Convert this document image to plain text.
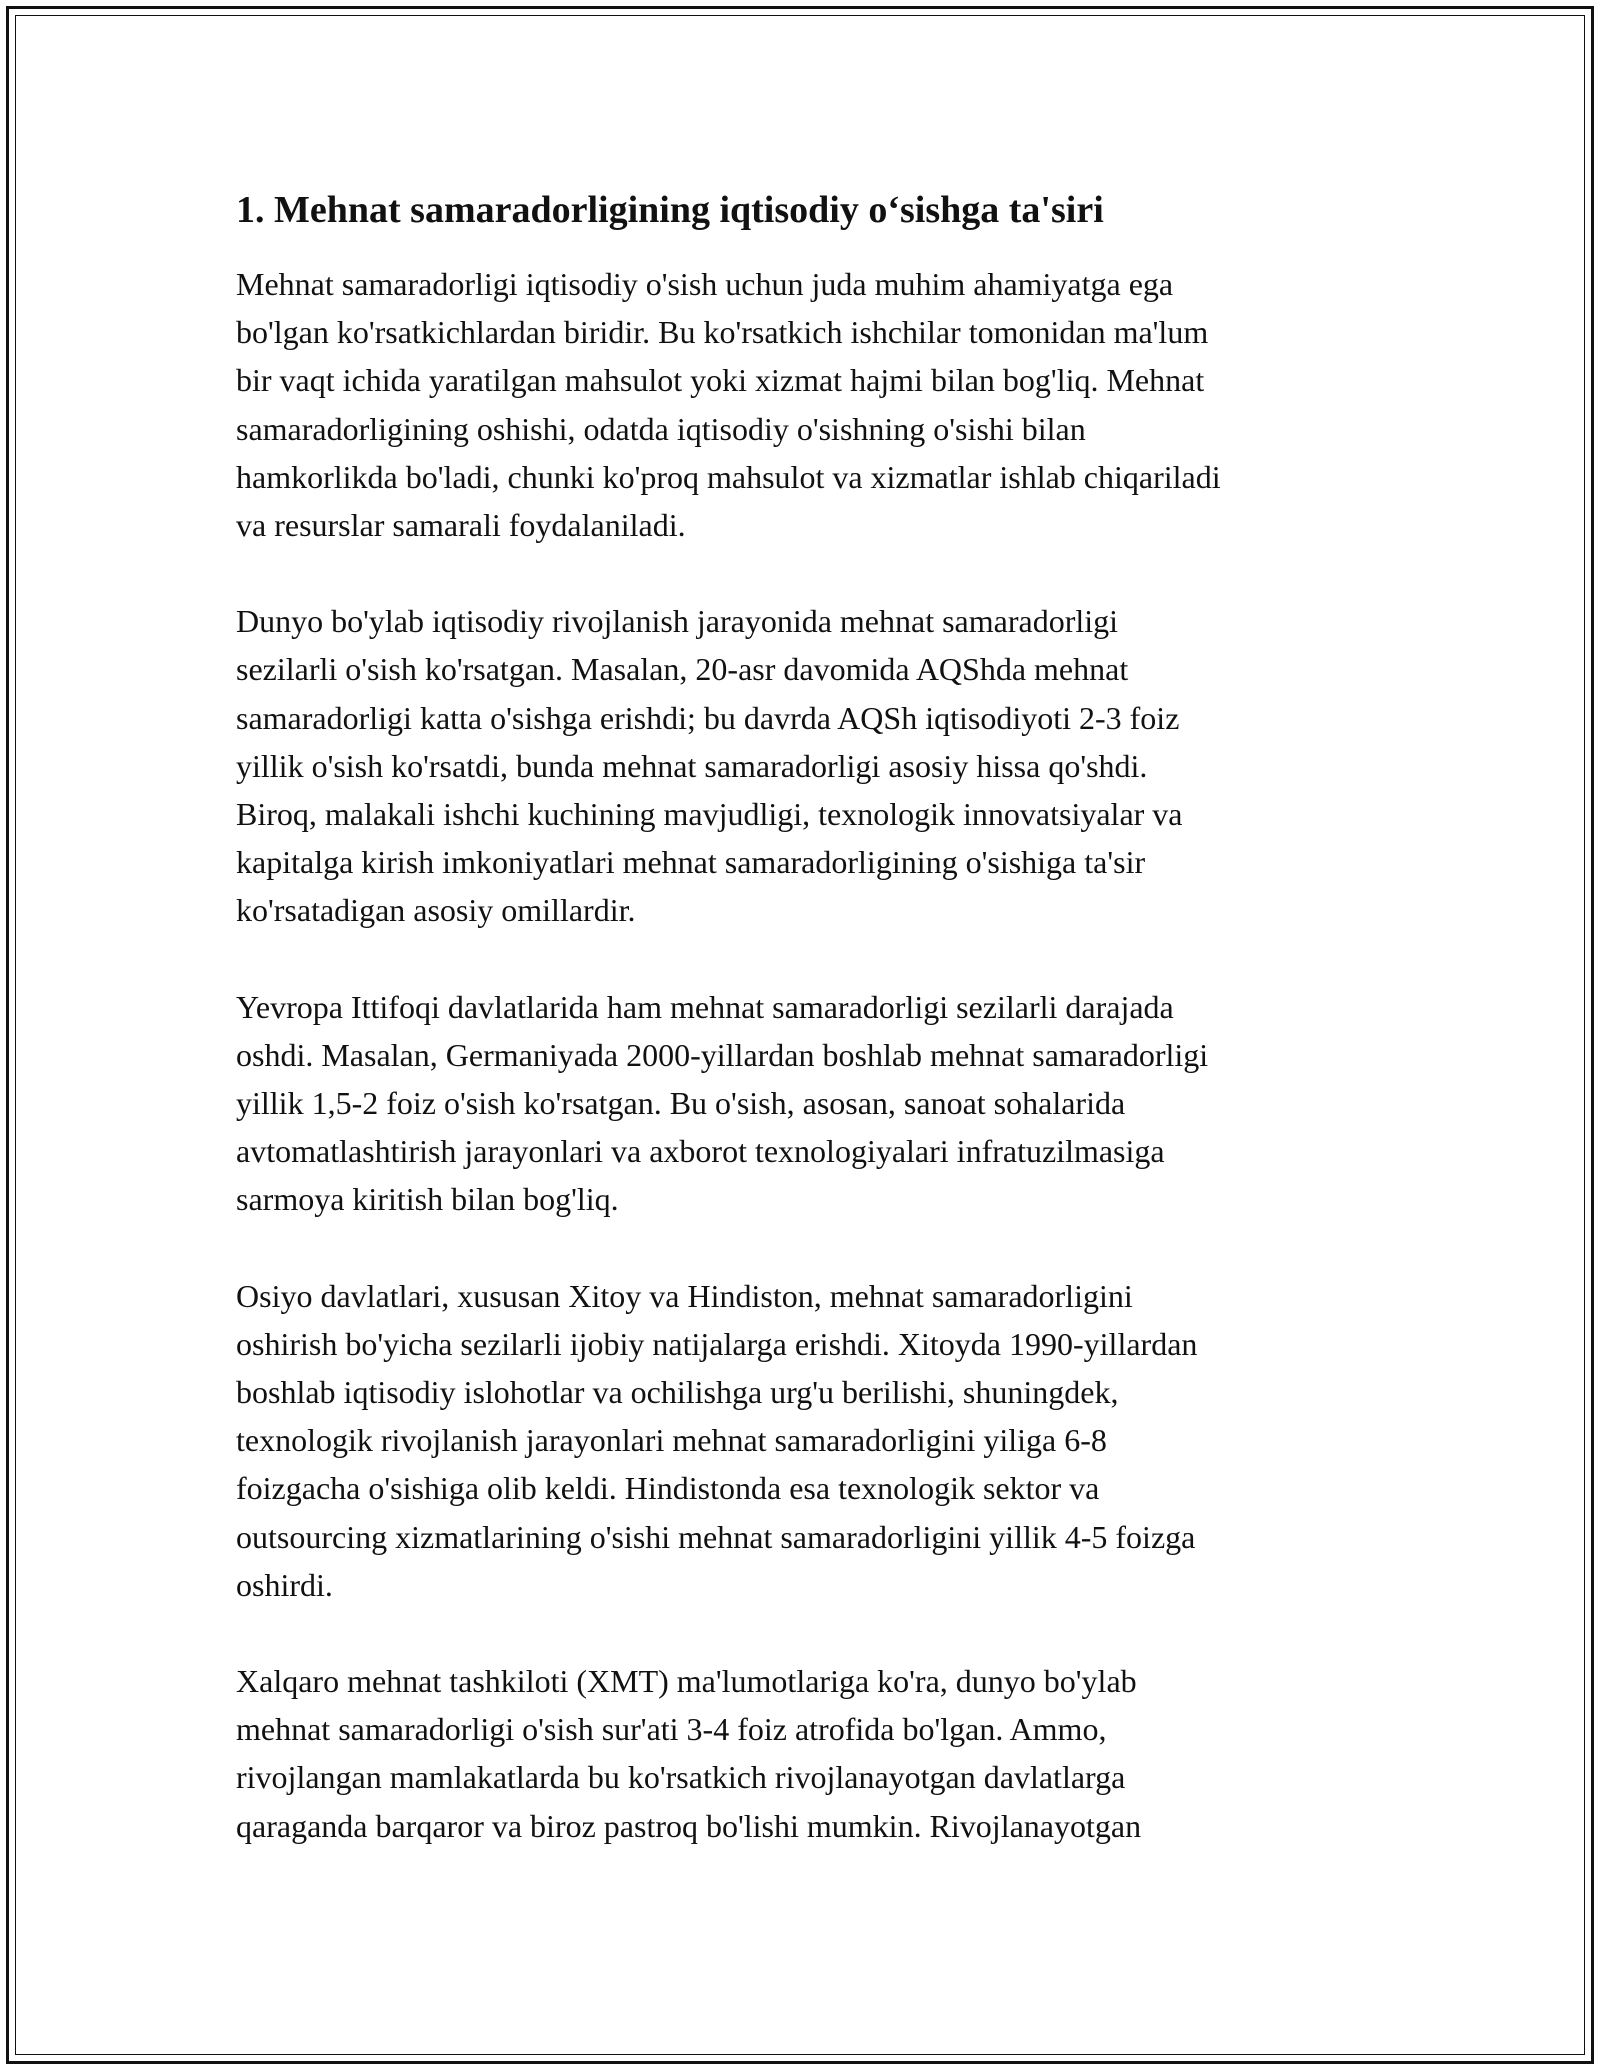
1. Mehnat samaradorligining iqtisodiy o‘sishga ta'siri

Mehnat samaradorligi iqtisodiy o'sish uchun juda muhim ahamiyatga ega
bo'lgan ko'rsatkichlardan biridir. Bu ko'rsatkich ishchilar tomonidan ma'lum
bir vaqt ichida yaratilgan mahsulot yoki xizmat hajmi bilan bog'liq. Mehnat
samaradorligining oshishi, odatda iqtisodiy o'sishning o'sishi bilan
hamkorlikda bo'ladi, chunki ko'proq mahsulot va xizmatlar ishlab chiqariladi
va resurslar samarali foydalaniladi.

Dunyo bo'ylab iqtisodiy rivojlanish jarayonida mehnat samaradorligi
sezilarli o'sish ko'rsatgan. Masalan, 20-asr davomida AQShda mehnat
samaradorligi katta o'sishga erishdi; bu davrda AQSh iqtisodiyoti 2-3 foiz
yillik o'sish ko'rsatdi, bunda mehnat samaradorligi asosiy hissa qo'shdi.
Biroq, malakali ishchi kuchining mavjudligi, texnologik innovatsiyalar va
kapitalga kirish imkoniyatlari mehnat samaradorligining o'sishiga ta'sir
ko'rsatadigan asosiy omillardir.

Yevropa Ittifoqi davlatlarida ham mehnat samaradorligi sezilarli darajada
oshdi. Masalan, Germaniyada 2000-yillardan boshlab mehnat samaradorligi
yillik 1,5-2 foiz o'sish ko'rsatgan. Bu o'sish, asosan, sanoat sohalarida
avtomatlashtirish jarayonlari va axborot texnologiyalari infratuzilmasiga
sarmoya kiritish bilan bog'liq.

Osiyo davlatlari, xususan Xitoy va Hindiston, mehnat samaradorligini
oshirish bo'yicha sezilarli ijobiy natijalarga erishdi. Xitoyda 1990-yillardan
boshlab iqtisodiy islohotlar va ochilishga urg'u berilishi, shuningdek,
texnologik rivojlanish jarayonlari mehnat samaradorligini yiliga 6-8
foizgacha o'sishiga olib keldi. Hindistonda esa texnologik sektor va
outsourcing xizmatlarining o'sishi mehnat samaradorligini yillik 4-5 foizga
oshirdi.

Xalqaro mehnat tashkiloti (XMT) ma'lumotlariga ko'ra, dunyo bo'ylab
mehnat samaradorligi o'sish sur'ati 3-4 foiz atrofida bo'lgan. Ammo,
rivojlangan mamlakatlarda bu ko'rsatkich rivojlanayotgan davlatlarga
qaraganda barqaror va biroz pastroq bo'lishi mumkin. Rivojlanayotgan
